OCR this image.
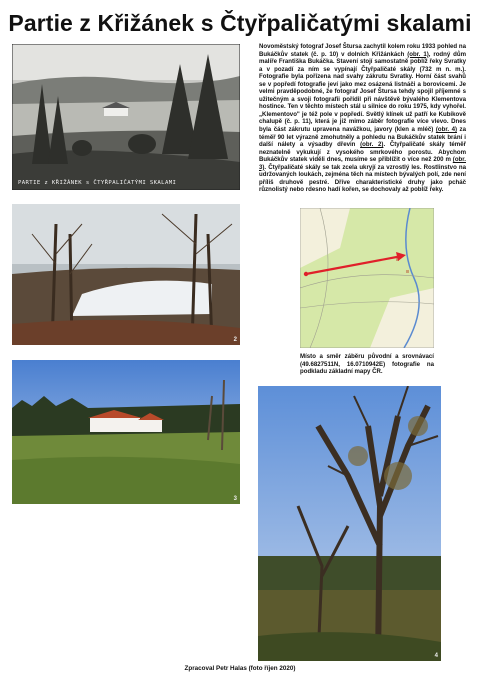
Partie z Křižánek s Čtyřpaličatými skalami
PARTIE z KŘIŽÁNEK s ČTYŘPALIČATÝMI SKALAMI
2
3
4

Novoměstský fotograf Josef Štursa zachytil kolem roku 1933 pohled na Bukáčkův statek (č. p. 10) v dolních Křižánkách (obr. 1), rodný dům malíře Františka Bukáčka. Stavení stojí samostatně poblíž řeky Svratky a v pozadí za ním se vypínají Čtyřpaličaté skály (732 m n. m.). Fotografie byla pořízena nad svahy zákrutu Svratky. Horní část svahů se v popředí fotografie jeví jako mez osázená listnáči a borovicemi. Je velmi pravděpodobné, že fotograf Josef Štursa tehdy spojil příjemné s užitečným a svoji fotografii pořídil při návštěvě bývalého Klementova hostince. Ten v těchto místech stál u silnice do roku 1975, kdy vyhořel. „Klementovo" je též pole v popředí. Světlý klínek už patří ke Kubíkově chalupě (č. p. 11), která je již mimo záběr fotografie více vlevo. Dnes byla část zákrutu upravena navážkou, javory (klen a mléč) (obr. 4) za téměř 90 let výrazně zmohutněly a pohledu na Bukáčkův statek brání i další nálety a výsadby dřevin (obr. 2). Čtyřpaličaté skály téměř neznatelně vykukují z vysokého smrkového porostu. Abychom Bukáčkův statek viděli dnes, musíme se přiblížit o více než 200 m (obr. 3). Čtyřpaličaté skály se tak zcela ukryjí za vzrostlý les. Rostlinstvo na udržovaných loukách, zejména těch na místech bývalých polí, zde není příliš druhově pestré. Dříve charakteristické druhy jako pcháč různolistý nebo rdesno hadí kořen, se dochovaly až poblíž řeky.

Místo a směr záběru původní a srovnávací (49.6827511N, 16.0710942E) fotografie na podkladu základní mapy ČR.

Zpracoval Petr Halas (foto říjen 2020)
